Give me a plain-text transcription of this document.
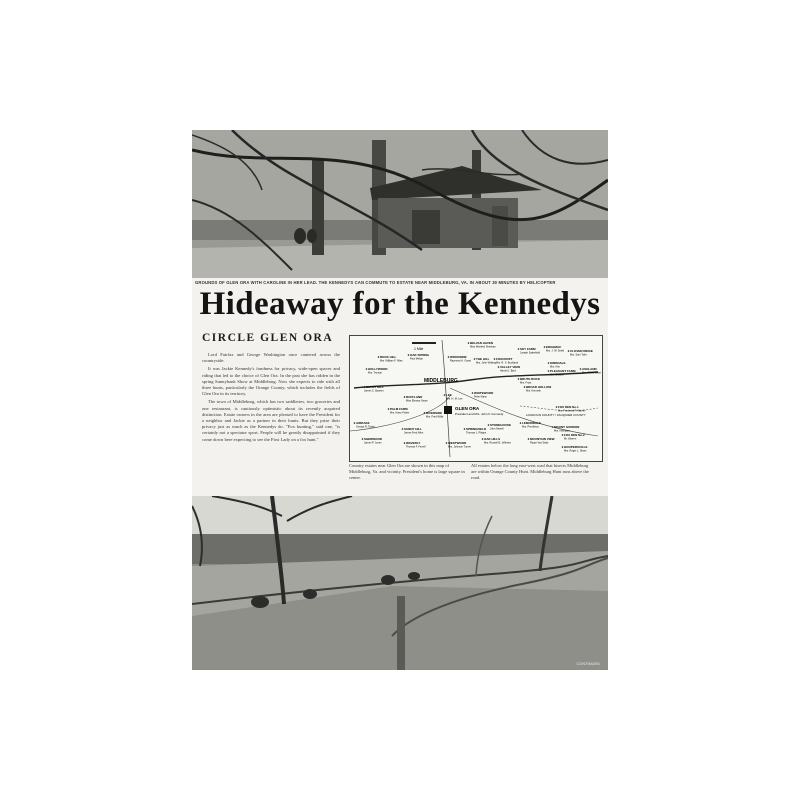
GROUNDS OF GLEN ORA WITH CAROLINE IN HER LEAD. THE KENNEDYS CAN COMMUTE TO ESTATE NEAR MIDDLEBURG, VA. IN ABOUT 30 MINUTES BY HELICOPTER
Hideaway for the Kennedys
CIRCLE GLEN ORA

Lord Fairfax and George Washington once cantered across the countryside.

It was Jackie Kennedy's fondness for privacy, wide-open spaces and riding that led to the choice of Glen Ora. In the past she has ridden in the spring Sunnybank Show at Middleburg. Now she expects to ride with all three hunts, particularly the Orange County, which includes the fields of Glen Ora in its territory.

The town of Middleburg, which has two saddleries, two groceries and one restaurant, is cautiously optimistic about its recently acquired distinction. Estate owners in the area are pleased to have the President for a neighbor and Jackie as a partner in their hunts. But they prize their privacy just as much as the Kennedys do. "Fox hunting," said one, "is certainly not a spectator sport. People will be greatly disappointed if they come down here expecting to see the First Lady on a fox hunt."

1 Mile
MIDDLEBURG
GLEN ORA
President and Mrs. John F. Kennedy	LOUDOUN COUNTY / FAUQUIER COUNTY
BELVAN HAVEN
Miss Winifred Sheehan
OAK SPRING
Paul Mellon
SKY FARM
Joseph Satterfield
EDGEMAC
Mrs. J. W. Smith
ROCK HILL
Mrs. William F. Niles
FOXCROFT
Mrs. R. S. Buckland
THE HILL
Mrs. John Whiting
WOODSIDE
Raymond A. Guest
CLOVER RIDGE
Mrs. Sam Tyler
VALLEY VIEW
Harold J. Byrd
KIRKDALE
Mrs. Kirk	ASHLAND
Mrs. Alfred Grant
PLEASANT FARM
Mrs. Bayard
LEE
Mrs. H. M. Lee
HOLLYWOOD
Mrs. Truman
LOCUST HILL
James C. Bowers
BRUTE ROCK
Mrs. Frost
BROAD HOLLOW
Mrs. Kenneth
RUFFLAND
Miss Eleanor Sears
PALM FARM
Mrs. Harry Fisher	RIVERSIDE
Mrs. Fred Willis
WHITEWOOD
Peter Mann
LEMONDALE
Mrs. Pendleton
AIRDAKE
George R. Taylor	SUNNY HILL
James Fred Allen
SPRINGFIELD
Thomas L. Phipps
STONEHOUSE
John Newell
MOUNT GORDON
Mrs. Hampton
FOX DEN No.1
Mrs. Frederick P. Warren
SHERWOOD
James P. Jones	WAVERLY
Thomas F. Ferrell
WESTWOOD
Mrs. Johnson Turner
OAK HILLS
Mrs. Russell B. Jefferies
MOUNTAIN VIEW
Roger Van Slyke
FOX DEN No.2
Mr. Warren
HOOPERSVILLE
Mrs. Roger L. Sloan
Country estates near Glen Ora are shown in this map of Middleburg, Va. and vicinity. President's home is large square in center.
All estates below the long east-west road that bisects Middleburg are within Orange County Hunt. Middleburg Hunt runs above the road.
CONTINUED
